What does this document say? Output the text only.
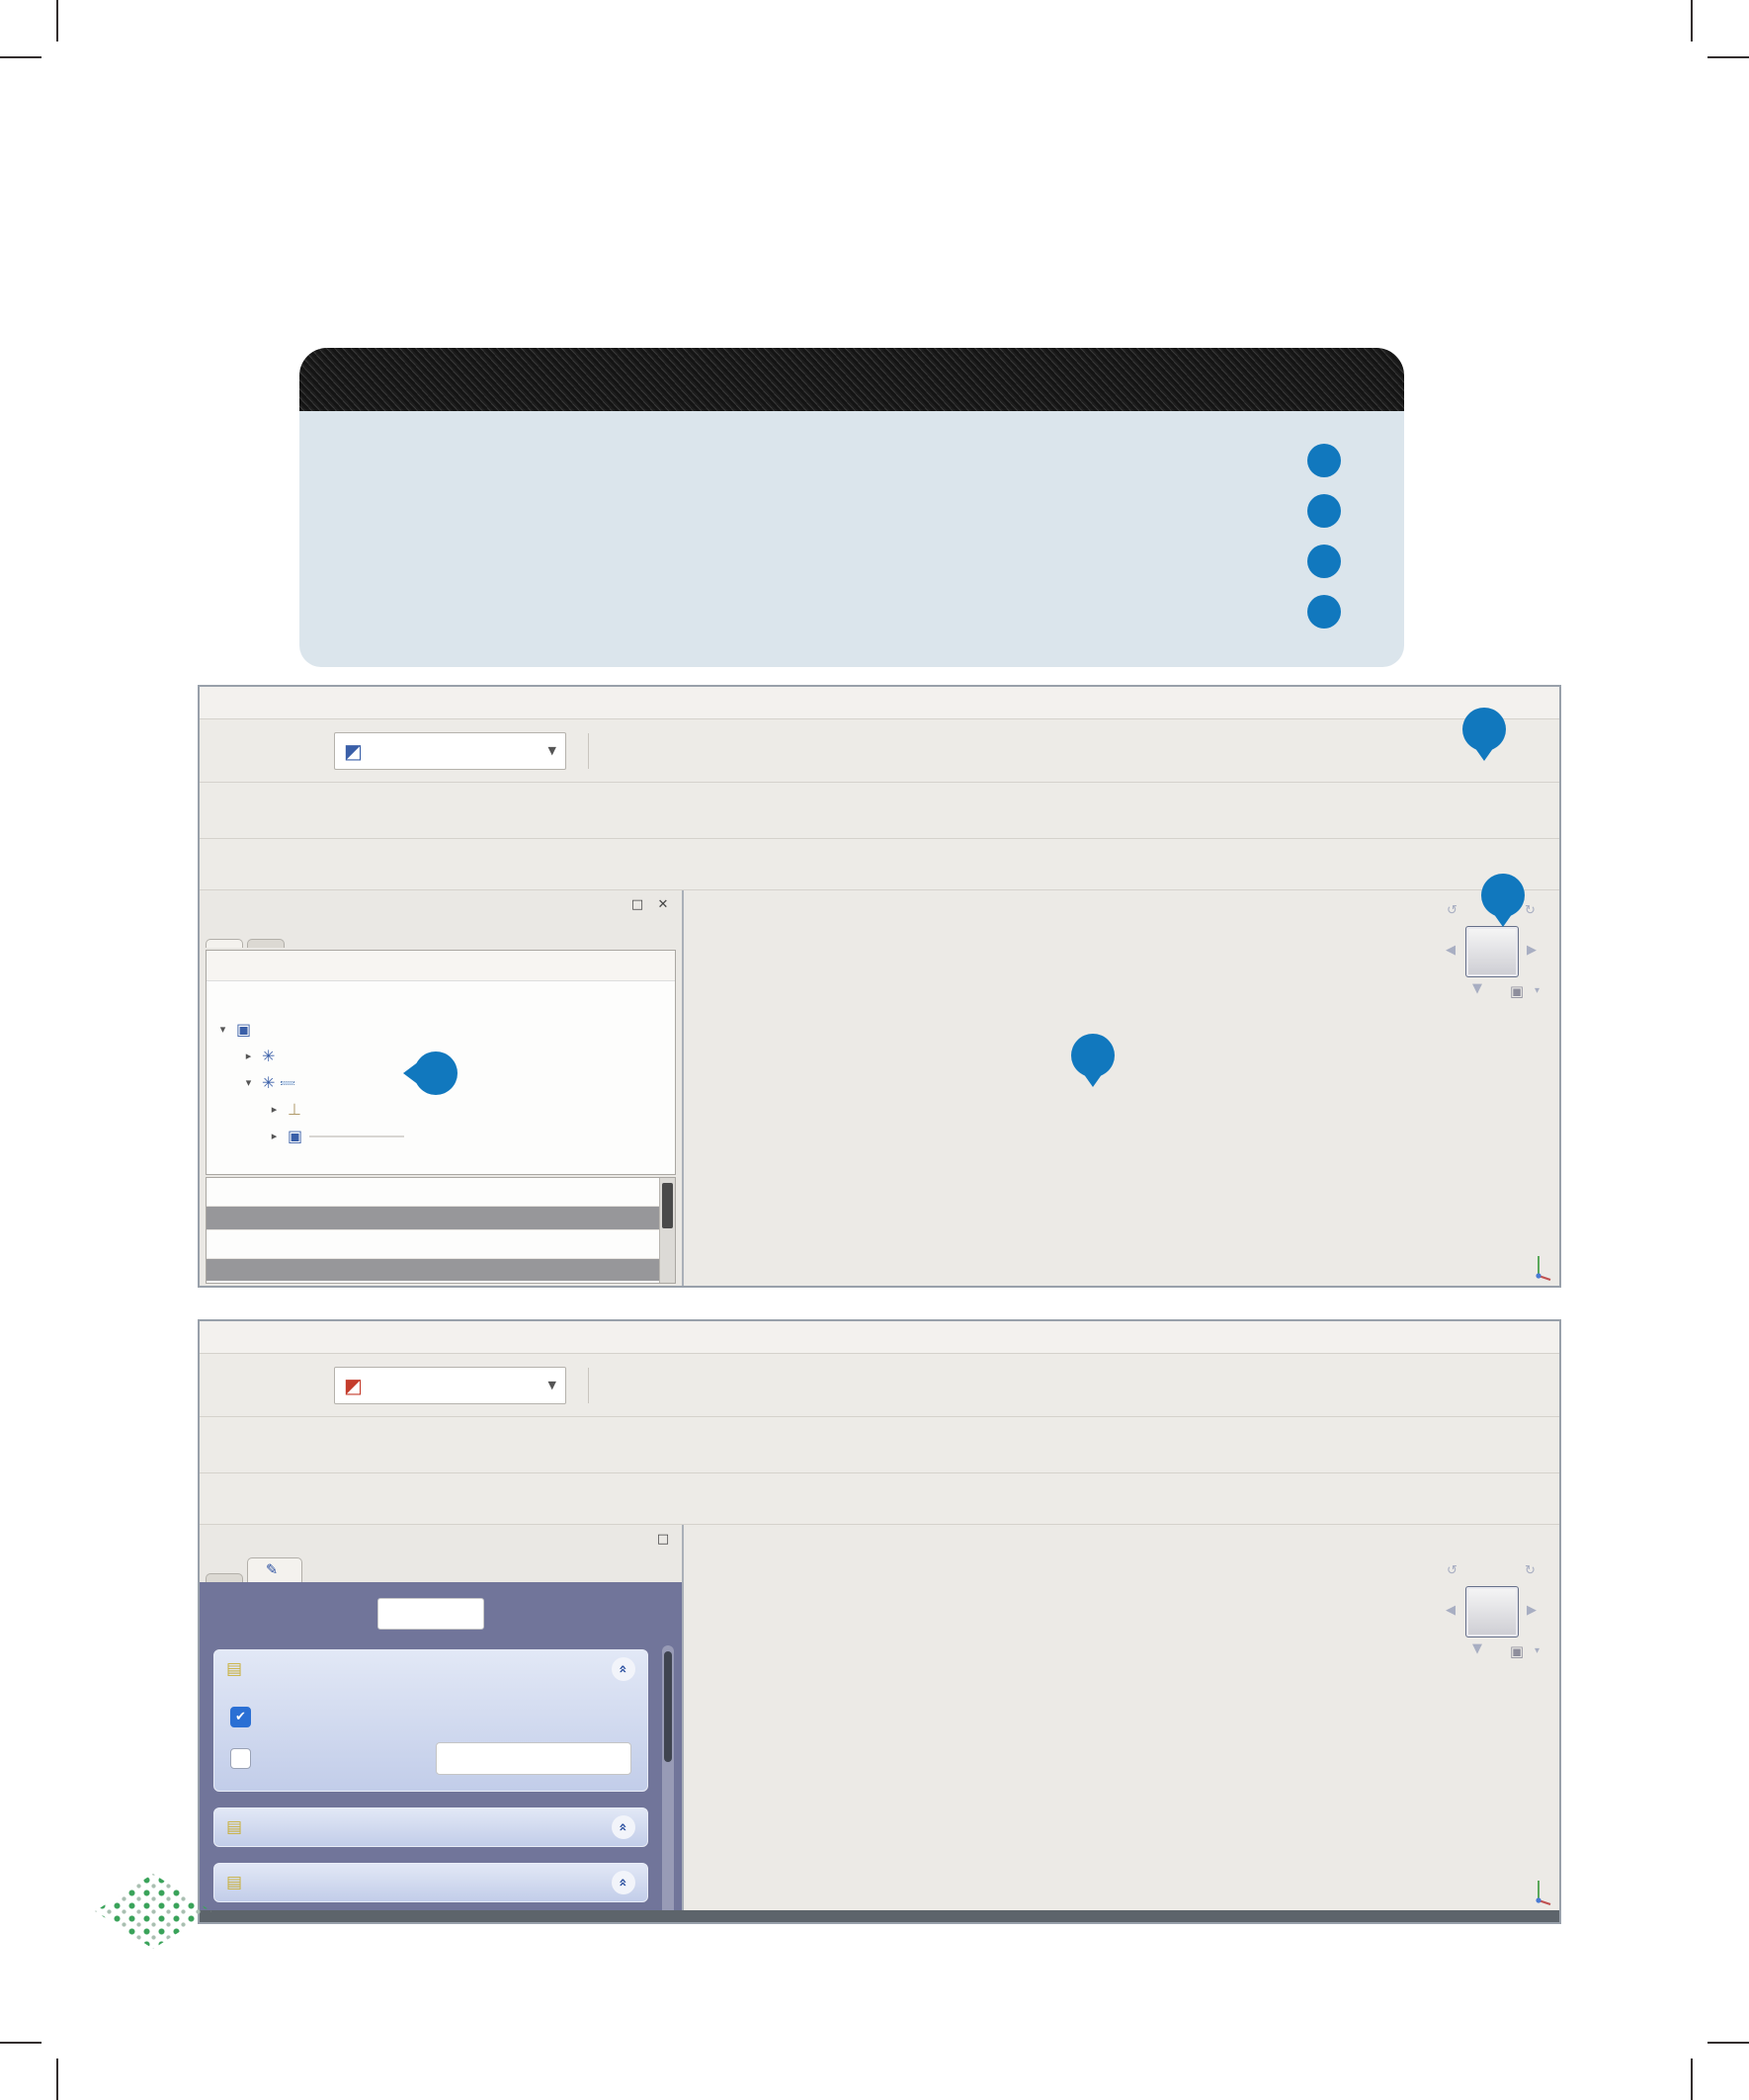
◩	▼
□ ✕
▾ ▣
▸ ✳
▾ ✳
▸ ⊥
▸ ▣
↺	↺
◀	▶
▼ ▣ ▾
◩	▼
□
✎
▤	»
✔
▤	»
▤	»
↺	↺
◀	▶
▼ ▣ ▾
